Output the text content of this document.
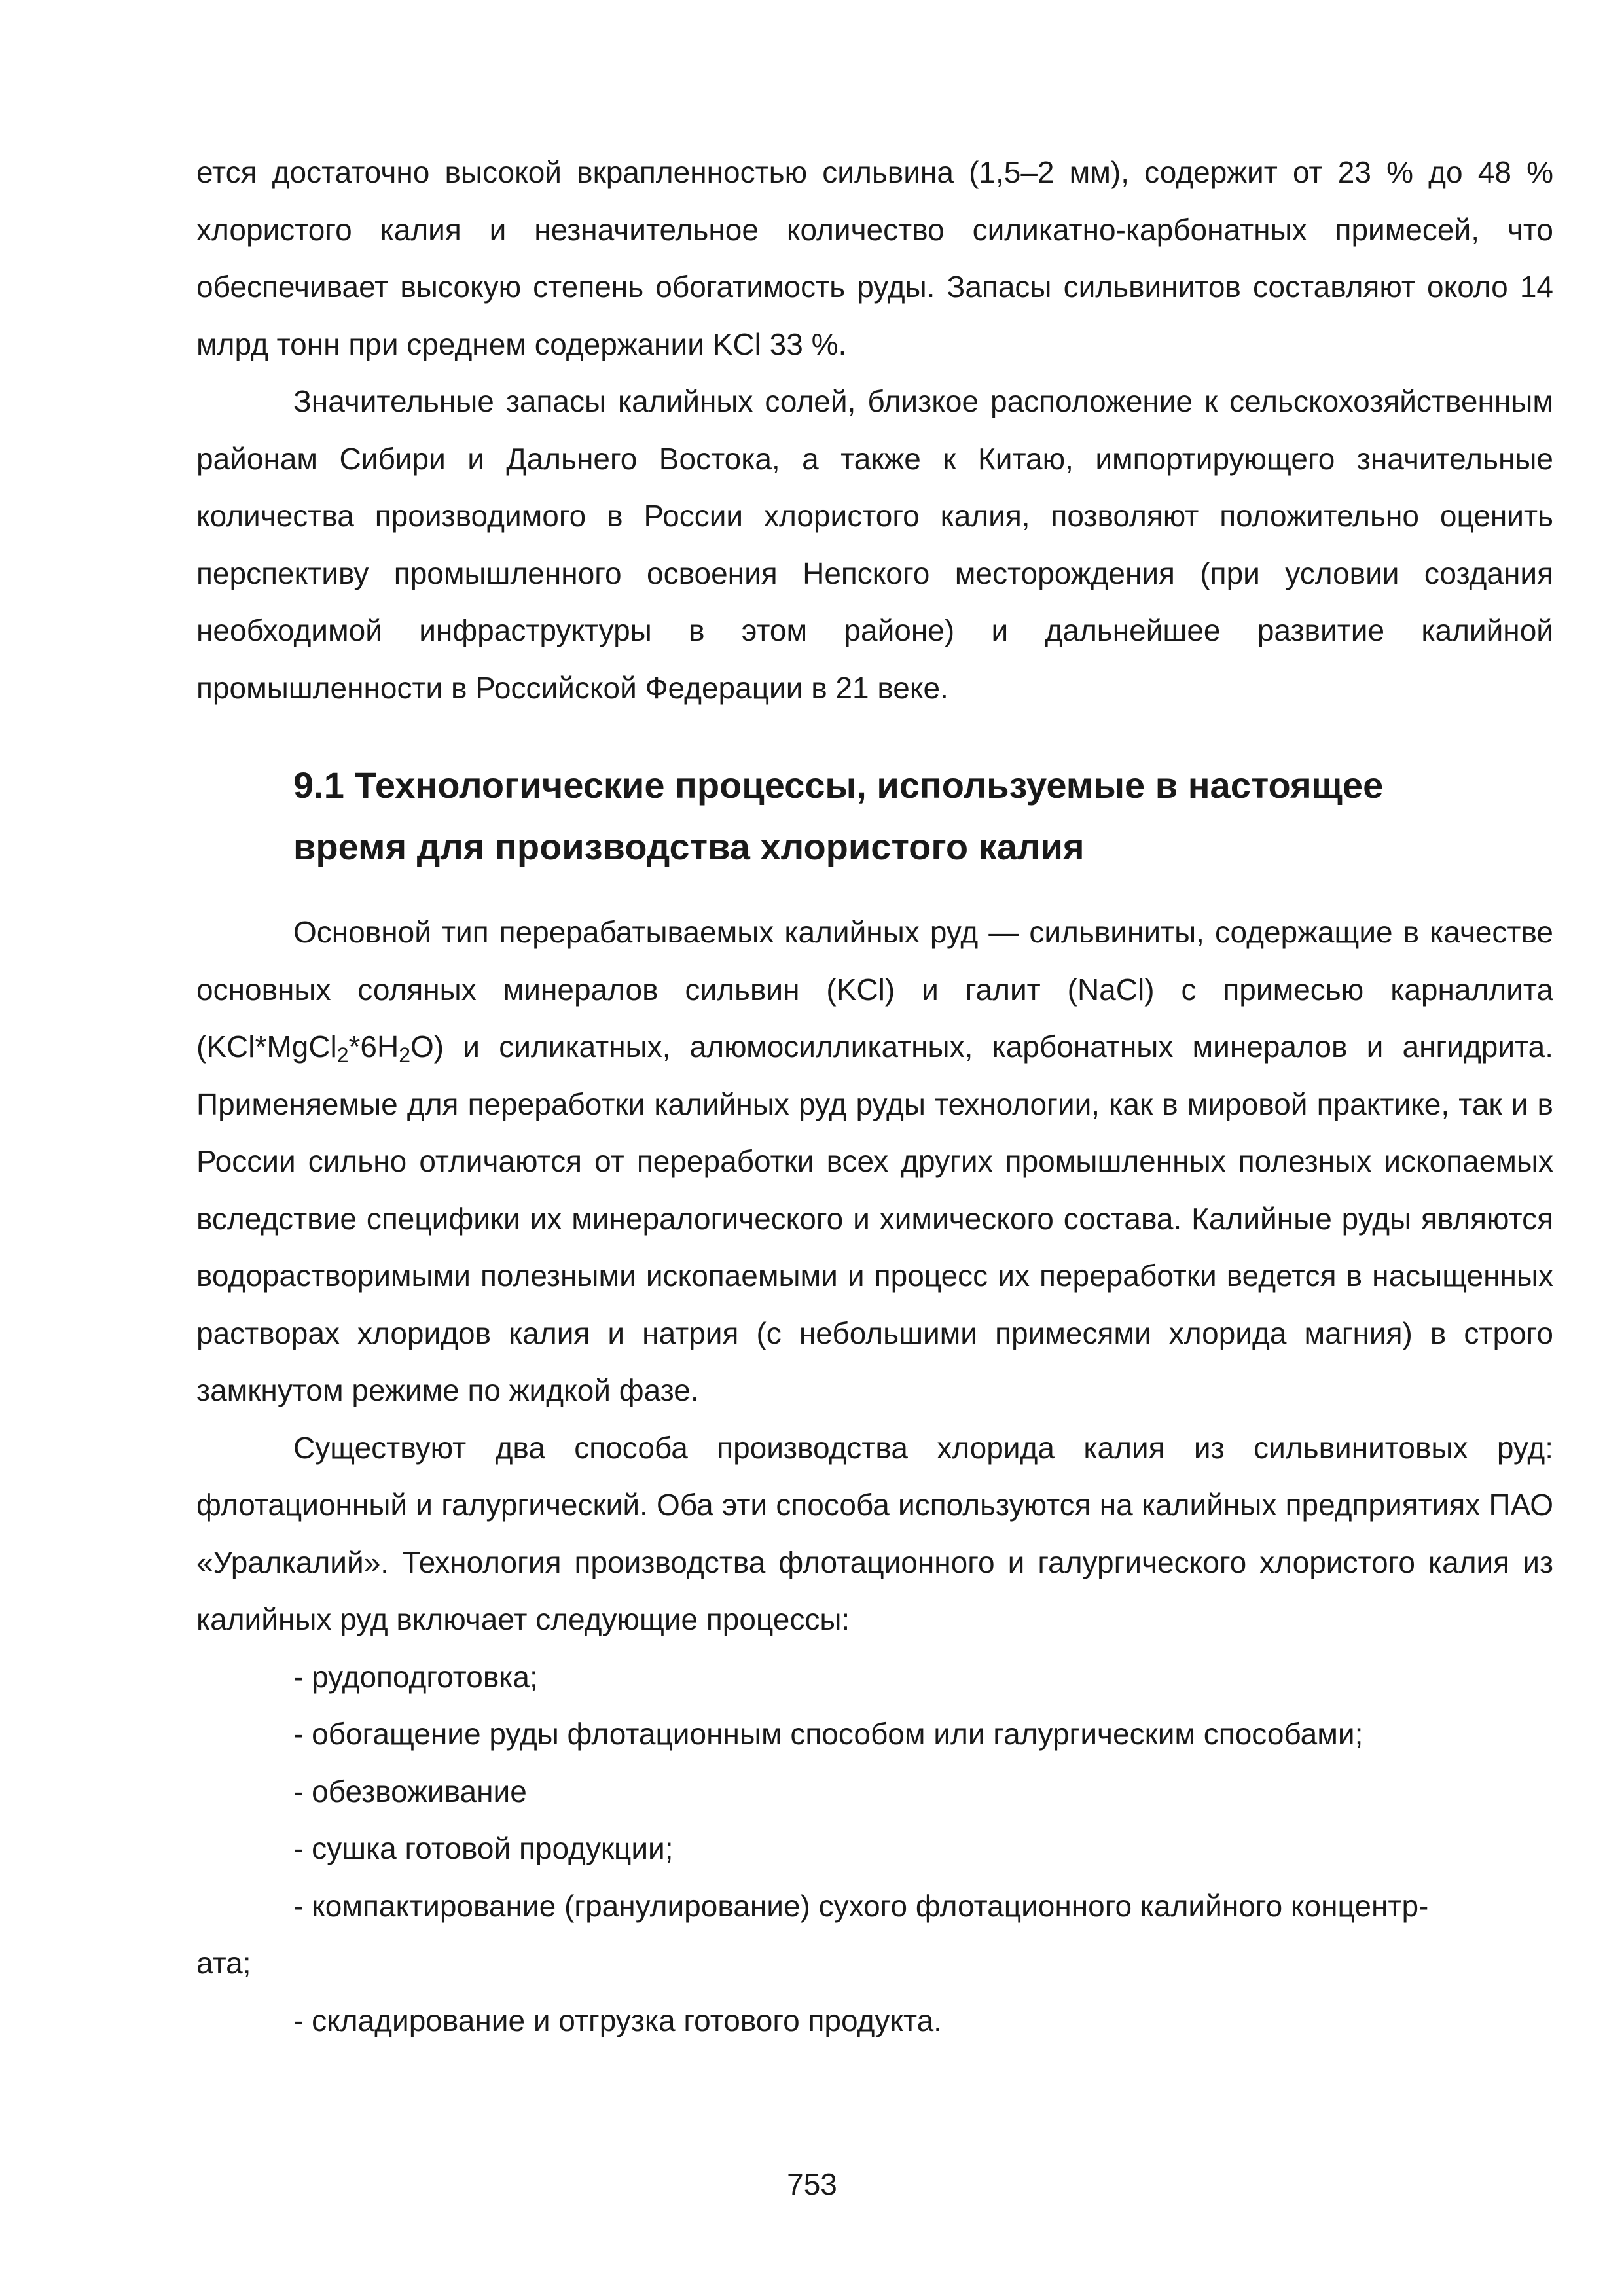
ется достаточно высокой вкрапленностью сильвина (1,5–2 мм), содержит от 23 % до 48 % хлористого калия и незначительное количество силикатно-карбонатных примесей, что обеспечивает высокую степень обогатимость руды. Запасы сильвинитов составляют около 14 млрд тонн при среднем содержании KCl 33 %.

Значительные запасы калийных солей, близкое расположение к сельскохозяйственным районам Сибири и Дальнего Востока, а также к Китаю, импортирующего значительные количества производимого в России хлористого калия, позволяют положительно оценить перспективу промышленного освоения Непского месторождения (при условии создания необходимой инфраструктуры в этом районе) и дальнейшее развитие калийной промышленности в Российской Федерации в 21 веке.

9.1 Технологические процессы, используемые в настоящее
время для производства хлористого калия

Основной тип перерабатываемых калийных руд — сильвиниты, содержащие в качестве основных соляных минералов сильвин (KCl) и галит (NaCl) с примесью карналлита $(KCl*MgCl_2*6H_2O)$ и силикатных, алюмосилликатных, карбонатных минералов и ангидрита. Применяемые для переработки калийных руд руды технологии, как в мировой практике, так и в России сильно отличаются от переработки всех других промышленных полезных ископаемых вследствие специфики их минералогического и химического состава. Калийные руды являются водорастворимыми полезными ископаемыми и процесс их переработки ведется в насыщенных растворах хлоридов калия и натрия (с небольшими примесями хлорида магния) в строго замкнутом режиме по жидкой фазе.

Существуют два способа производства хлорида калия из сильвинитовых руд: флотационный и галургический. Оба эти способа используются на калийных предприятиях ПАО «Уралкалий». Технология производства флотационного и галургического хлористого калия из калийных руд включает следующие процессы:

- рудоподготовка;
- обогащение руды флотационным способом или галургическим способами;
- обезвоживание
- сушка готовой продукции;
- компактирование (гранулирование) сухого флотационного калийного концентр-
ата;
- складирование и отгрузка готового продукта.
753
